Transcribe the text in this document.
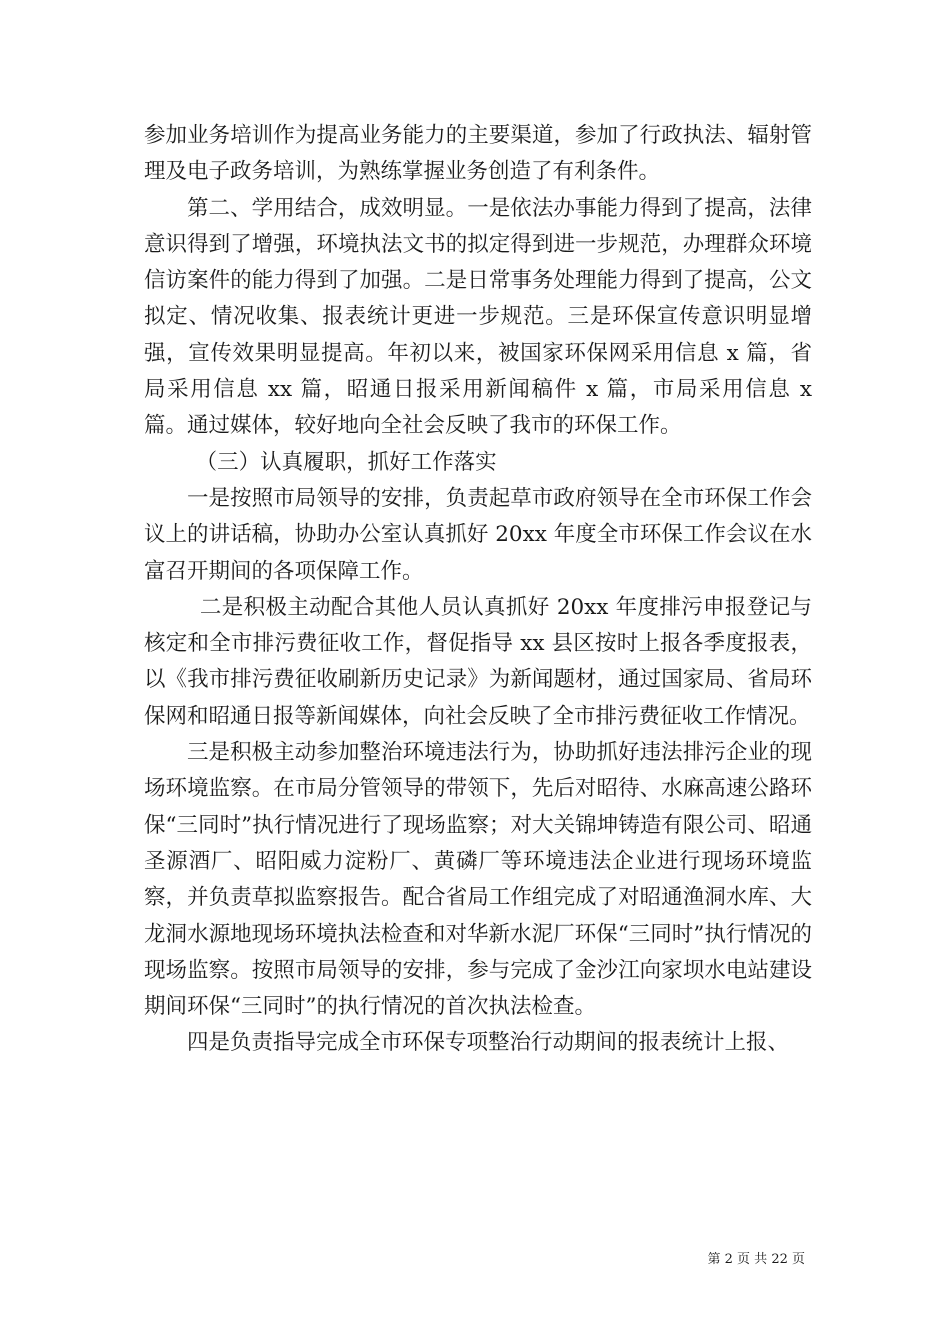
参加业务培训作为提高业务能力的主要渠道，参加了行政执法、辐射管理及电子政务培训，为熟练掌握业务创造了有利条件。

第二、学用结合，成效明显。一是依法办事能力得到了提高，法律意识得到了增强，环境执法文书的拟定得到进一步规范，办理群众环境信访案件的能力得到了加强。二是日常事务处理能力得到了提高，公文拟定、情况收集、报表统计更进一步规范。三是环保宣传意识明显增强，宣传效果明显提高。年初以来，被国家环保网采用信息 x 篇，省局采用信息 xx 篇，昭通日报采用新闻稿件 x 篇，市局采用信息 x 篇。通过媒体，较好地向全社会反映了我市的环保工作。

（三）认真履职，抓好工作落实

一是按照市局领导的安排，负责起草市政府领导在全市环保工作会议上的讲话稿，协助办公室认真抓好 20xx 年度全市环保工作会议在水富召开期间的各项保障工作。

二是积极主动配合其他人员认真抓好 20xx 年度排污申报登记与核定和全市排污费征收工作，督促指导 xx 县区按时上报各季度报表，以《我市排污费征收刷新历史记录》为新闻题材，通过国家局、省局环保网和昭通日报等新闻媒体，向社会反映了全市排污费征收工作情况。

三是积极主动参加整治环境违法行为，协助抓好违法排污企业的现场环境监察。在市局分管领导的带领下，先后对昭待、水麻高速公路环保“三同时”执行情况进行了现场监察；对大关锦坤铸造有限公司、昭通圣源酒厂、昭阳威力淀粉厂、黄磷厂等环境违法企业进行现场环境监察，并负责草拟监察报告。配合省局工作组完成了对昭通渔洞水库、大龙洞水源地现场环境执法检查和对华新水泥厂环保“三同时”执行情况的现场监察。按照市局领导的安排，参与完成了金沙江向家坝水电站建设期间环保“三同时”的执行情况的首次执法检查。

四是负责指导完成全市环保专项整治行动期间的报表统计上报、

第 2 页 共 22 页
